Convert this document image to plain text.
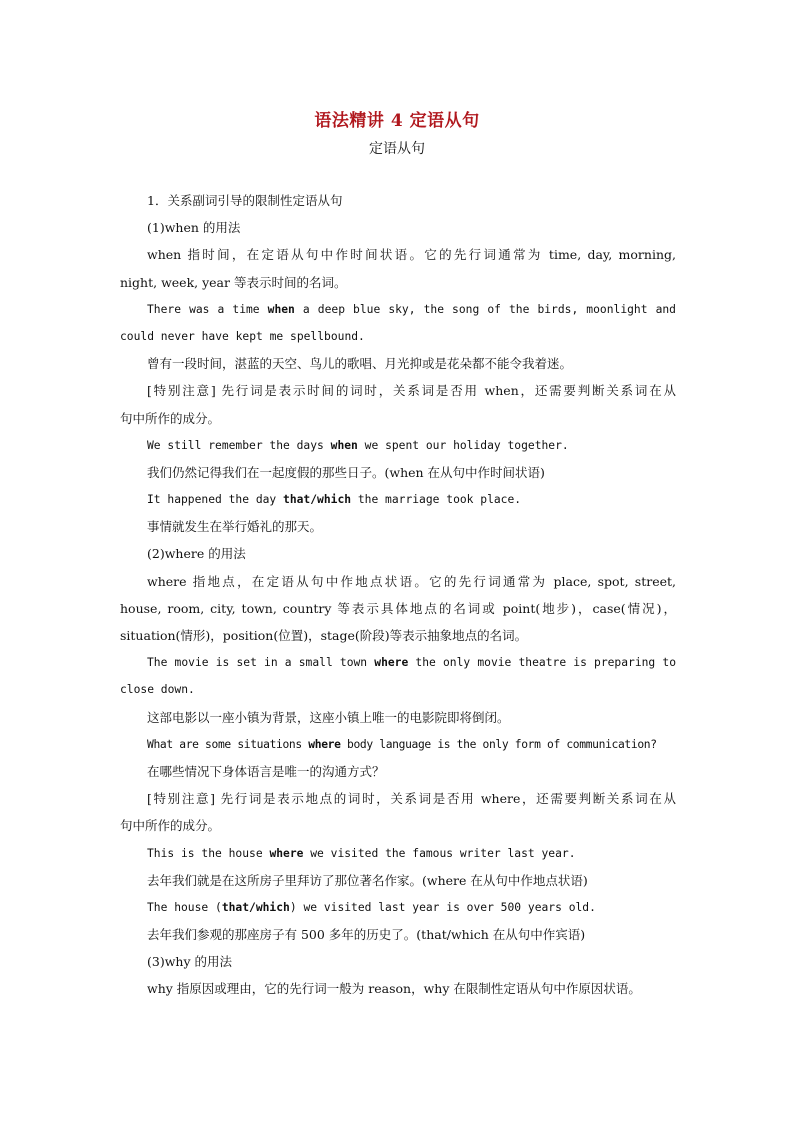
语法精讲 4 定语从句
定语从句
1．关系副词引导的限制性定语从句
(1)when 的用法
when 指时间，在定语从句中作时间状语。它的先行词通常为 time, day, morning,
night, week, year 等表示时间的名词。
There was a time when a deep blue sky, the song of the birds, moonlight and
could never have kept me spellbound.
曾有一段时间，湛蓝的天空、鸟儿的歌唱、月光抑或是花朵都不能令我着迷。
[特别注意] 先行词是表示时间的词时，关系词是否用 when，还需要判断关系词在从
句中所作的成分。
We still remember the days when we spent our holiday together.
我们仍然记得我们在一起度假的那些日子。(when 在从句中作时间状语)
It happened the day that/which the marriage took place.
事情就发生在举行婚礼的那天。
(2)where 的用法
where 指地点，在定语从句中作地点状语。它的先行词通常为 place, spot, street,
house, room, city, town, country 等表示具体地点的名词或 point(地步)，case(情况)，
situation(情形)，position(位置)，stage(阶段)等表示抽象地点的名词。
The movie is set in a small town where the only movie theatre is preparing to
close down.
这部电影以一座小镇为背景，这座小镇上唯一的电影院即将倒闭。
What are some situations where body language is the only form of communication?
在哪些情况下身体语言是唯一的沟通方式？
[特别注意] 先行词是表示地点的词时，关系词是否用 where，还需要判断关系词在从
句中所作的成分。
This is the house where we visited the famous writer last year.
去年我们就是在这所房子里拜访了那位著名作家。(where 在从句中作地点状语)
The house (that/which) we visited last year is over 500 years old.
去年我们参观的那座房子有 500 多年的历史了。(that/which 在从句中作宾语)
(3)why 的用法
why 指原因或理由，它的先行词一般为 reason，why 在限制性定语从句中作原因状语。
